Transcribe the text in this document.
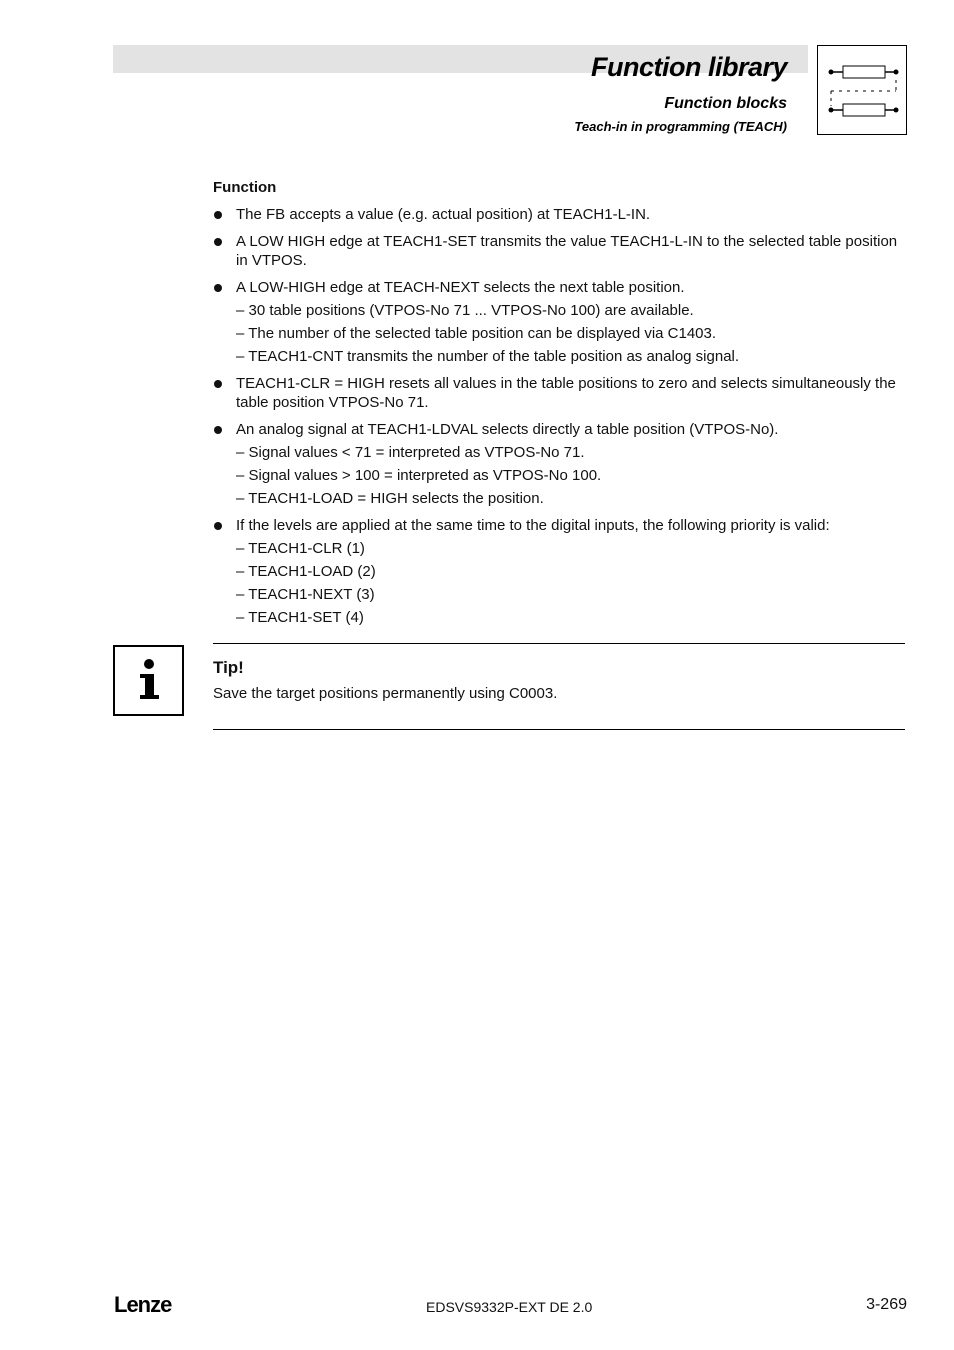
Function library
Function blocks
Teach-in in programming (TEACH)
Function
The FB accepts a value (e.g. actual position) at TEACH1-L-IN.
A LOW HIGH edge at TEACH1-SET transmits the value TEACH1-L-IN to the selected table position in VTPOS.
A LOW-HIGH edge at TEACH-NEXT selects the next table position.
– 30 table positions (VTPOS-No 71 ... VTPOS-No 100) are available.
– The number of the selected table position can be displayed via C1403.
– TEACH1-CNT transmits the number of the table position as analog signal.
TEACH1-CLR = HIGH resets all values in the table positions to zero and selects simultaneously the table position VTPOS-No 71.
An analog signal at TEACH1-LDVAL selects directly a table position (VTPOS-No).
– Signal values < 71 = interpreted as VTPOS-No 71.
– Signal values > 100 = interpreted as VTPOS-No 100.
– TEACH1-LOAD = HIGH selects the position.
If the levels are applied at the same time to the digital inputs, the following priority is valid:
– TEACH1-CLR (1)
– TEACH1-LOAD (2)
– TEACH1-NEXT (3)
– TEACH1-SET (4)
Tip!
Save the target positions permanently using C0003.
Lenze	EDSVS9332P-EXT DE 2.0	3-269
